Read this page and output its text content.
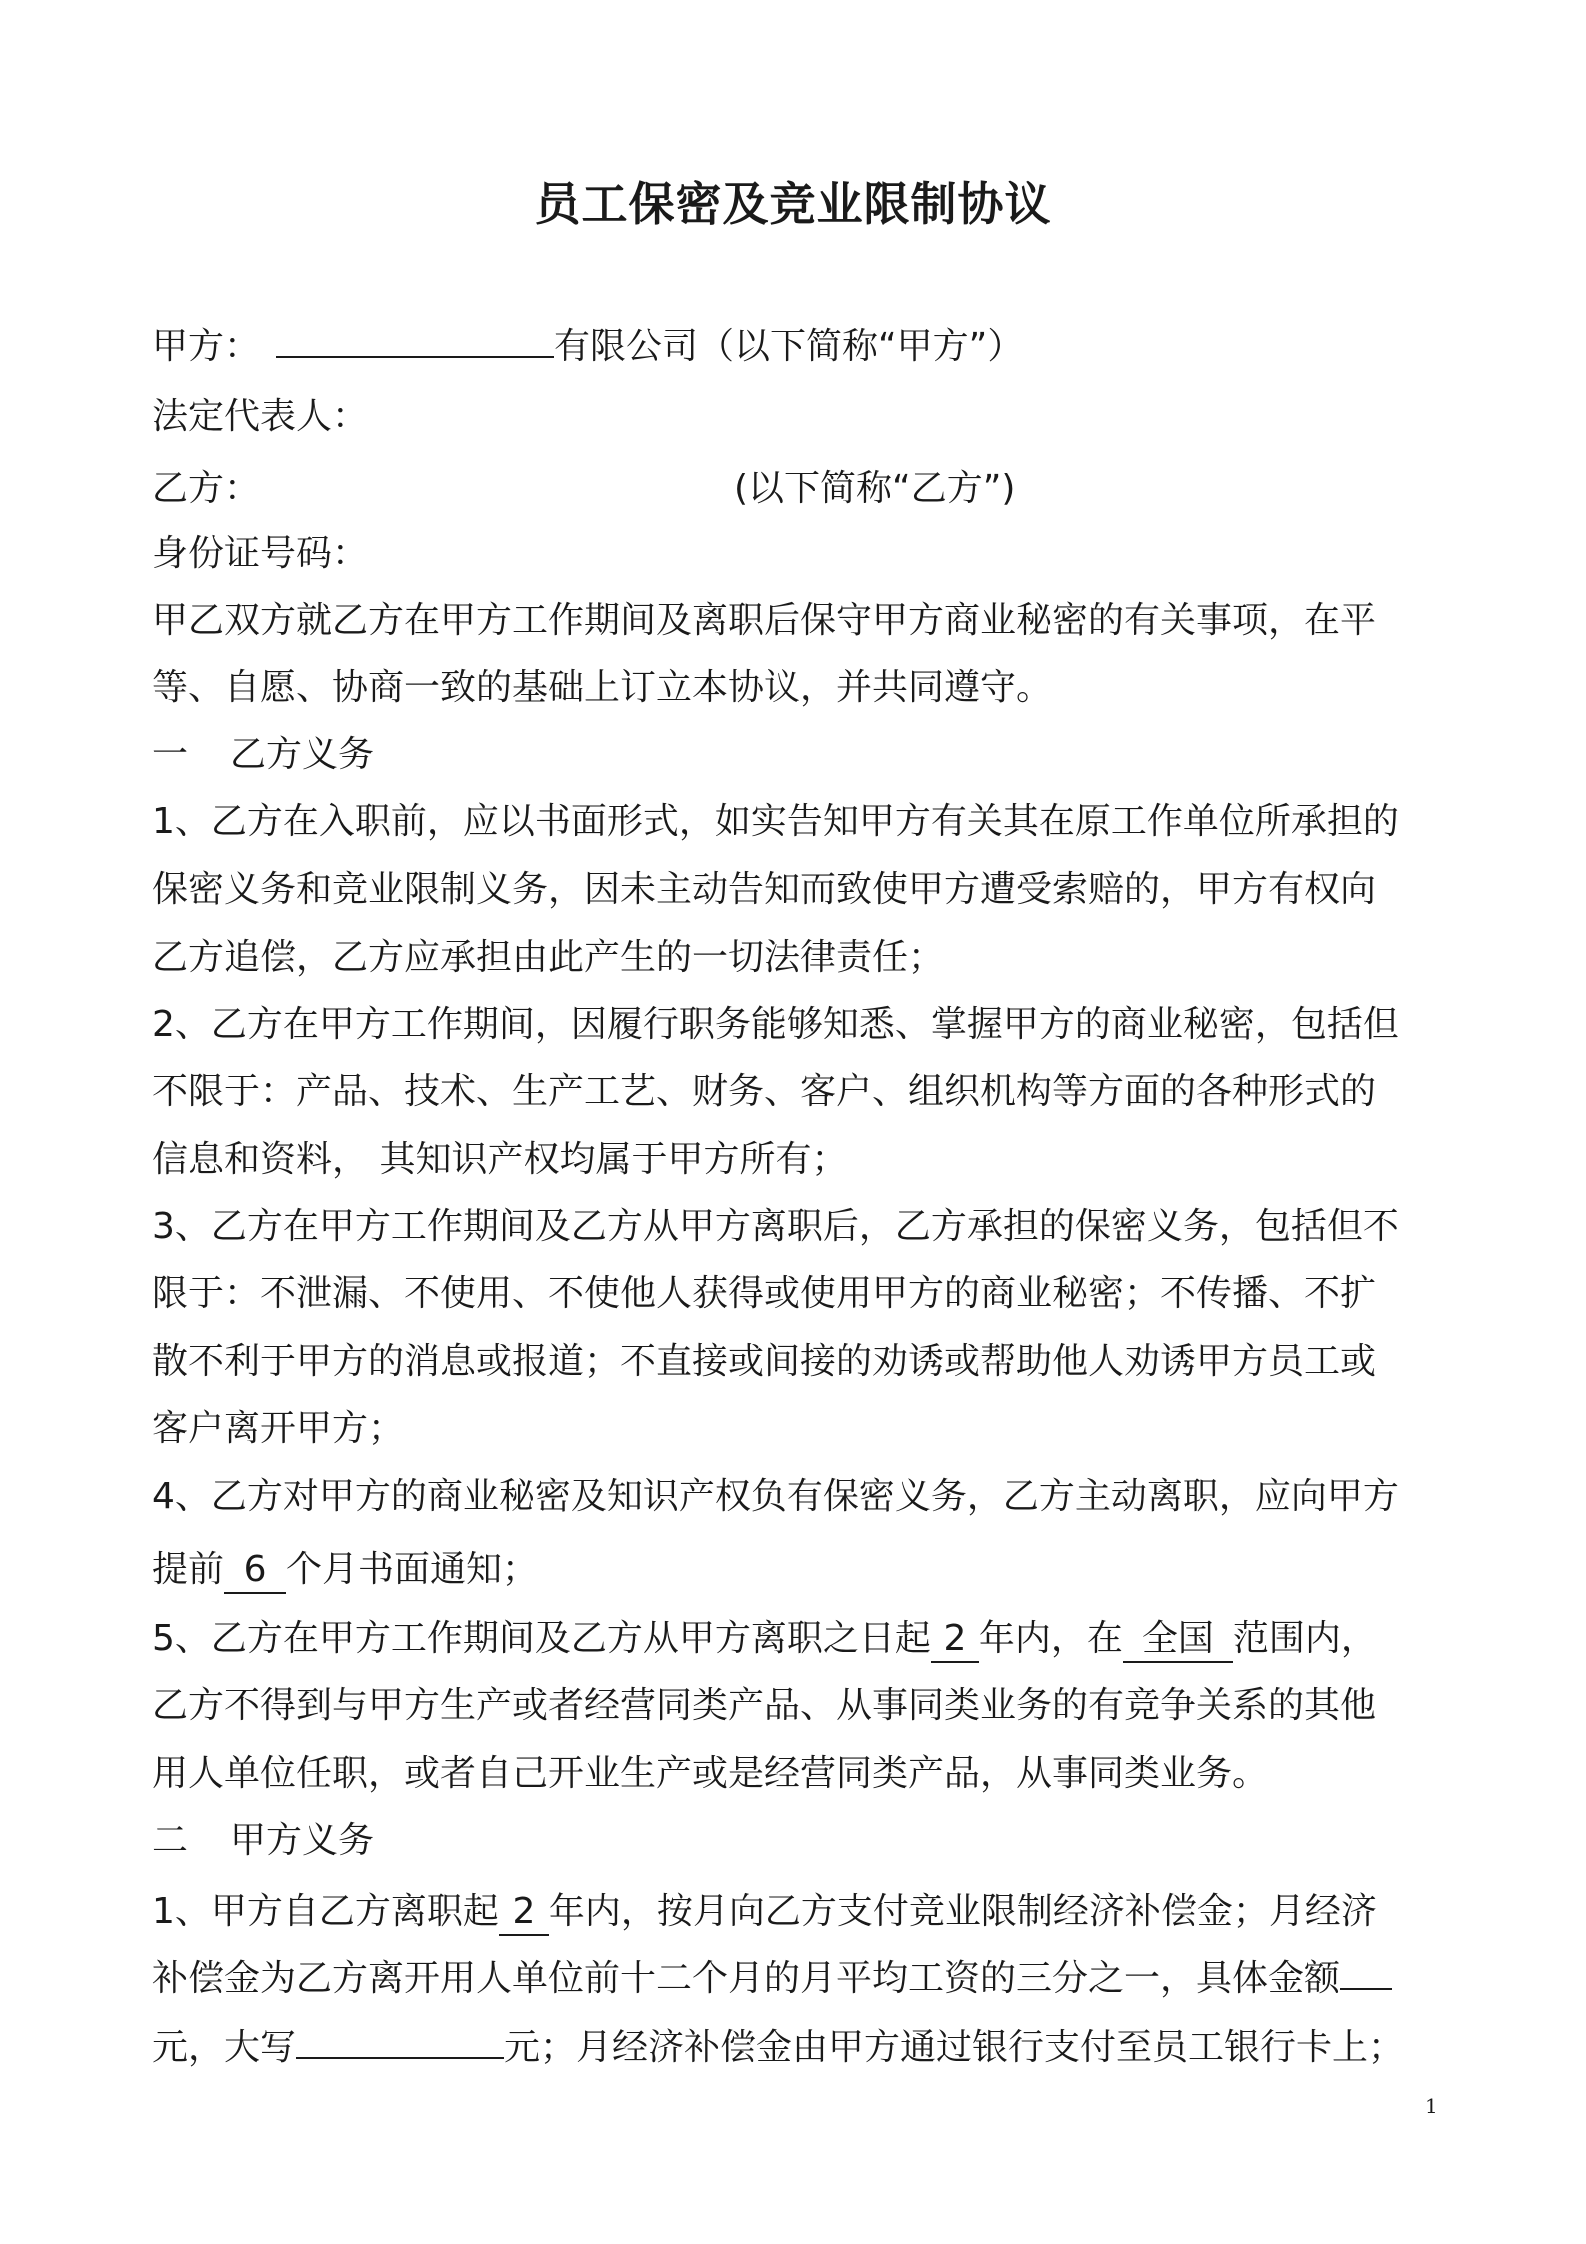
员工保密及竞业限制协议
甲方：	有限公司（以下简称“甲方”）
法定代表人：
乙方：	(以下简称“乙方”)
身份证号码：
甲乙双方就乙方在甲方工作期间及离职后保守甲方商业秘密的有关事项，在平
等、自愿、协商一致的基础上订立本协议，并共同遵守。
一 乙方义务
1、乙方在入职前，应以书面形式，如实告知甲方有关其在原工作单位所承担的
保密义务和竞业限制义务，因未主动告知而致使甲方遭受索赔的，甲方有权向
乙方追偿，乙方应承担由此产生的一切法律责任；
2、乙方在甲方工作期间，因履行职务能够知悉、掌握甲方的商业秘密，包括但
不限于：产品、技术、生产工艺、财务、客户、组织机构等方面的各种形式的
信息和资料， 其知识产权均属于甲方所有；
3、乙方在甲方工作期间及乙方从甲方离职后，乙方承担的保密义务，包括但不
限于：不泄漏、不使用、不使他人获得或使用甲方的商业秘密；不传播、不扩
散不利于甲方的消息或报道；不直接或间接的劝诱或帮助他人劝诱甲方员工或
客户离开甲方；
4、乙方对甲方的商业秘密及知识产权负有保密义务，乙方主动离职，应向甲方
提前 6 个月书面通知；
5、乙方在甲方工作期间及乙方从甲方离职之日起 2 年内，在 全国 范围内，
乙方不得到与甲方生产或者经营同类产品、从事同类业务的有竞争关系的其他
用人单位任职，或者自己开业生产或是经营同类产品，从事同类业务。
二 甲方义务
1、甲方自乙方离职起 2 年内，按月向乙方支付竞业限制经济补偿金；月经济
补偿金为乙方离开用人单位前十二个月的月平均工资的三分之一，具体金额
元，大写	元；月经济补偿金由甲方通过银行支付至员工银行卡上；
1
